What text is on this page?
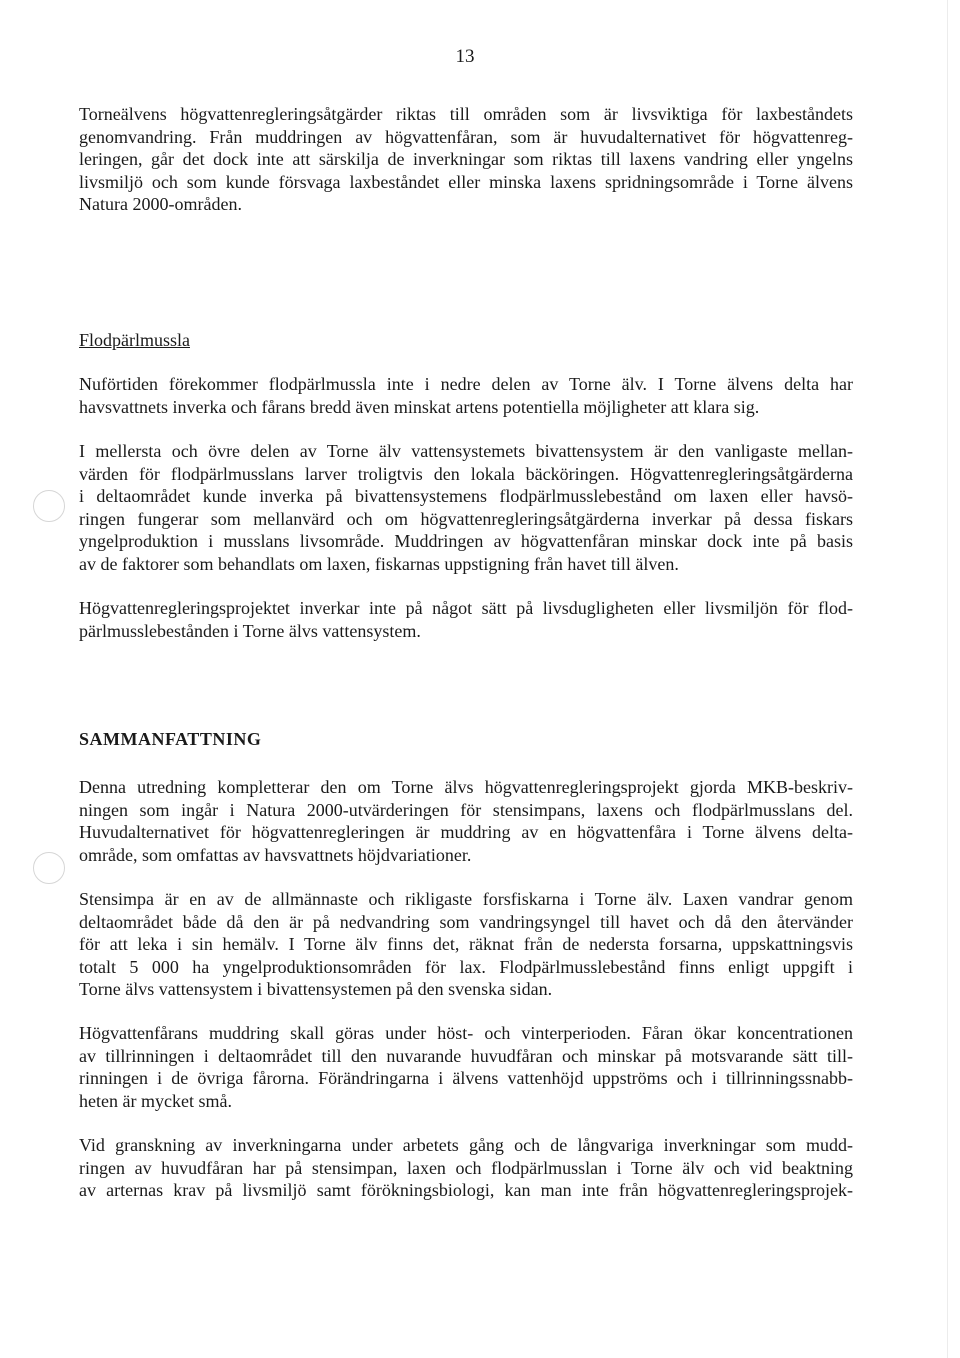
13

Torneälvens högvattenregleringsåtgärder riktas till områden som är livsviktiga för laxbeståndets
genomvandring. Från muddringen av högvattenfåran, som är huvudalternativet för högvattenreg-
leringen, går det dock inte att särskilja de inverkningar som riktas till laxens vandring eller yngelns
livsmiljö och som kunde försvaga laxbeståndet eller minska laxens spridningsområde i Torne älvens
Natura 2000-områden.

Flodpärlmussla

Nuförtiden förekommer flodpärlmussla inte i nedre delen av Torne älv. I Torne älvens delta har
havsvattnets inverka och fårans bredd även minskat artens potentiella möjligheter att klara sig.

I mellersta och övre delen av Torne älv vattensystemets bivattensystem är den vanligaste mellan-
värden för flodpärlmusslans larver troligtvis den lokala bäcköringen. Högvattenregleringsåtgärderna
i deltaområdet kunde inverka på bivattensystemens flodpärlmusslebestånd om laxen eller havsö-
ringen fungerar som mellanvärd och om högvattenregleringsåtgärderna inverkar på dessa fiskars
yngelproduktion i musslans livsområde. Muddringen av högvattenfåran minskar dock inte på basis
av de faktorer som behandlats om laxen, fiskarnas uppstigning från havet till älven.

Högvattenregleringsprojektet inverkar inte på något sätt på livsdugligheten eller livsmiljön för flod-
pärlmusslebestånden i Torne älvs vattensystem.

SAMMANFATTNING

Denna utredning kompletterar den om Torne älvs högvattenregleringsprojekt gjorda MKB-beskriv-
ningen som ingår i Natura 2000-utvärderingen för stensimpans, laxens och flodpärlmusslans del.
Huvudalternativet för högvattenregleringen är muddring av en högvattenfåra i Torne älvens delta-
område, som omfattas av havsvattnets höjdvariationer.

Stensimpa är en av de allmännaste och rikligaste forsfiskarna i Torne älv. Laxen vandrar genom
deltaområdet både då den är på nedvandring som vandringsyngel till havet och då den återvänder
för att leka i sin hemälv. I Torne älv finns det, räknat från de nedersta forsarna, uppskattningsvis
totalt 5 000 ha yngelproduktionsområden för lax. Flodpärlmusslebestånd finns enligt uppgift i
Torne älvs vattensystem i bivattensystemen på den svenska sidan.

Högvattenfårans muddring skall göras under höst- och vinterperioden. Fåran ökar koncentrationen
av tillrinningen i deltaområdet till den nuvarande huvudfåran och minskar på motsvarande sätt till-
rinningen i de övriga fårorna. Förändringarna i älvens vattenhöjd uppströms och i tillrinningssnabb-
heten är mycket små.

Vid granskning av inverkningarna under arbetets gång och de långvariga inverkningar som mudd-
ringen av huvudfåran har på stensimpan, laxen och flodpärlmusslan i Torne älv och vid beaktning
av arternas krav på livsmiljö samt förökningsbiologi, kan man inte från högvattenregleringsprojek-
